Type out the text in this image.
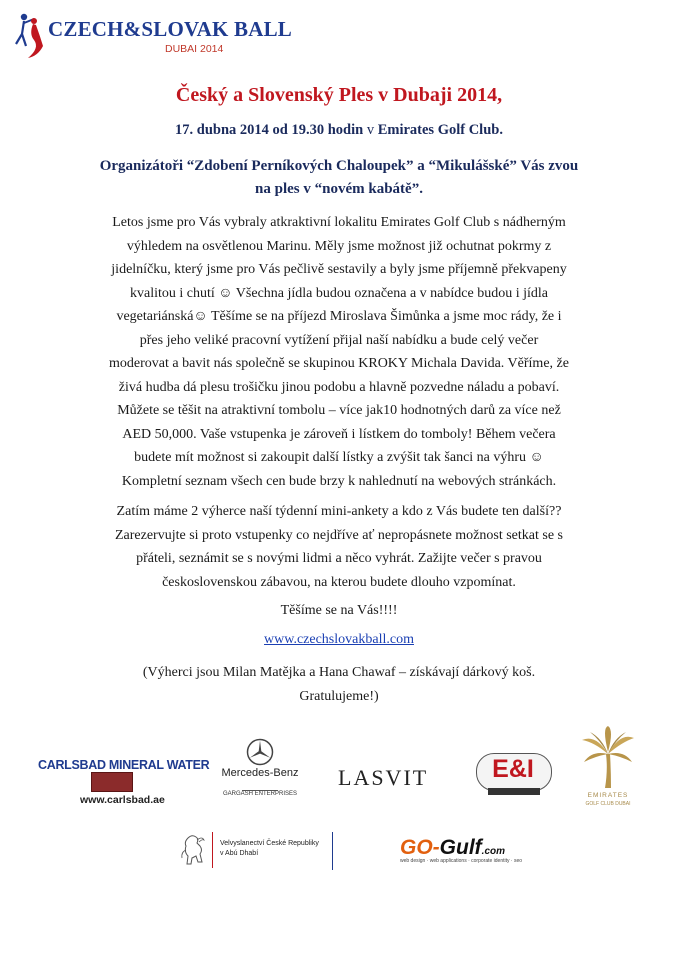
CZECH&SLOVAK BALL
DUBAI 2014
Český a Slovenský Ples v Dubaji 2014,
17. dubna 2014 od 19.30 hodin v Emirates Golf Club.
Organizátoři “Zdobení Perníkových Chaloupek” a “Mikulášské” Vás zvou
na ples v “novém kabátě”.
Letos jsme pro Vás vybraly atkraktivní lokalitu Emirates Golf Club s nádherným
výhledem na osvětlenou Marinu. Měly jsme možnost již ochutnat pokrmy z
jidelníčku, který jsme pro Vás pečlivě sestavily a byly jsme příjemně překvapeny
kvalitou i chutí ☺ Všechna jídla budou označena a v nabídce budou i jídla
vegetariánská☺ Těšíme se na příjezd Miroslava Šimůnka a jsme moc rády, že i
přes jeho veliké pracovní vytížení přijal naší nabídku a bude celý večer
moderovat a bavit nás společně se skupinou KROKY Michala Davida. Věříme, že
živá hudba dá plesu trošičku jinou podobu a hlavně pozvedne náladu a pobaví.
Můžete se těšit na atraktivní tombolu – více jak10 hodnotných darů za více než
AED 50,000. Vaše vstupenka je zároveň i lístkem do tomboly! Během večera
budete mít možnost si zakoupit další lístky a zvýšit tak šanci na výhru ☺
Kompletní seznam všech cen bude brzy k nahlednutí na webových stránkách.
Zatím máme 2 výherce naší týdenní mini-ankety a kdo z Vás budete ten další??
Zarezervujte si proto vstupenky co nejdříve ať nepropásnete možnost setkat se s
přáteli, seznámit se s novými lidmi a něco vyhrát. Zažijte večer s pravou
československou zábavou, na kterou budete dlouho vzpomínat.
Těšíme se na Vás!!!!
www.czechslovakball.com
(Výherci jsou Milan Matějka a Hana Chawaf – získávají dárkový koš.
Gratulujeme!)
CARLSBAD MINERAL WATER
www.carlsbad.ae
Mercedes-Benz
GARGASH ENTERPRISES
LASVIT	E&I
EMIRATES
GOLF CLUB DUBAI
Velvyslanectví České Republiky
v Abú Dhabí	GO-Gulf.com
web design · web applications · corporate identity · seo
